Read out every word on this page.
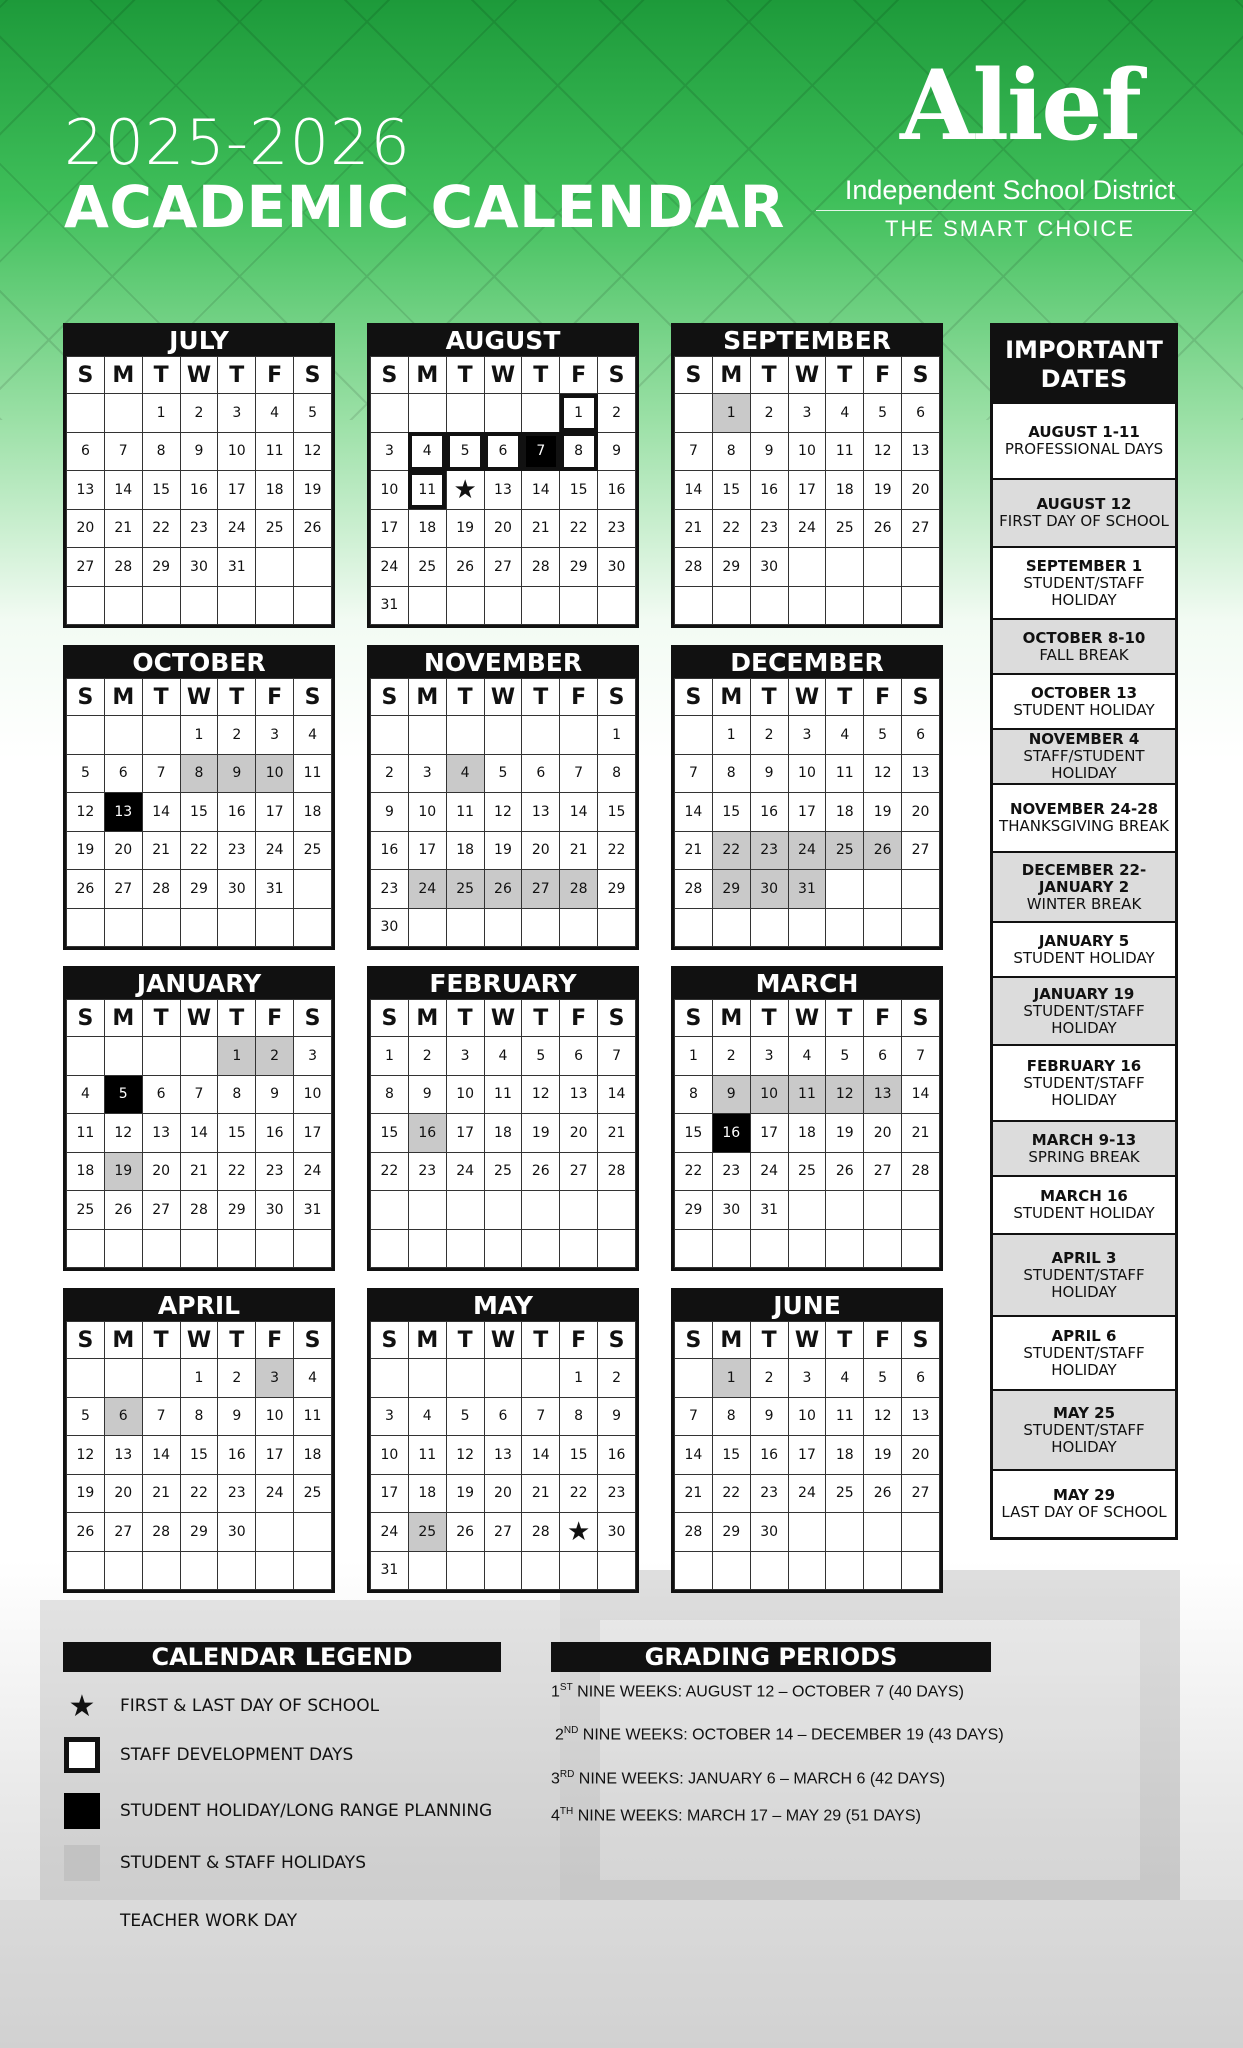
2025-2026
ACADEMIC CALENDAR
Alief
Independent School District
THE SMART CHOICE
JULY
S	M	T	W	T	F	S
		1	2	3	4	5
6	7	8	9	10	11	12
13	14	15	16	17	18	19
20	21	22	23	24	25	26
27	28	29	30	31		

AUGUST
S	M	T	W	T	F	S
					1	2
3	4	5	6	7	8	9
10	11	★	13	14	15	16
17	18	19	20	21	22	23
24	25	26	27	28	29	30
31						
SEPTEMBER
S	M	T	W	T	F	S
	1	2	3	4	5	6
7	8	9	10	11	12	13
14	15	16	17	18	19	20
21	22	23	24	25	26	27
28	29	30				

OCTOBER
S	M	T	W	T	F	S
			1	2	3	4
5	6	7	8	9	10	11
12	13	14	15	16	17	18
19	20	21	22	23	24	25
26	27	28	29	30	31	

NOVEMBER
S	M	T	W	T	F	S
						1
2	3	4	5	6	7	8
9	10	11	12	13	14	15
16	17	18	19	20	21	22
23	24	25	26	27	28	29
30						
DECEMBER
S	M	T	W	T	F	S
	1	2	3	4	5	6
7	8	9	10	11	12	13
14	15	16	17	18	19	20
21	22	23	24	25	26	27
28	29	30	31			

JANUARY
S	M	T	W	T	F	S
				1	2	3
4	5	6	7	8	9	10
11	12	13	14	15	16	17
18	19	20	21	22	23	24
25	26	27	28	29	30	31

FEBRUARY
S	M	T	W	T	F	S
1	2	3	4	5	6	7
8	9	10	11	12	13	14
15	16	17	18	19	20	21
22	23	24	25	26	27	28

MARCH
S	M	T	W	T	F	S
1	2	3	4	5	6	7
8	9	10	11	12	13	14
15	16	17	18	19	20	21
22	23	24	25	26	27	28
29	30	31				

APRIL
S	M	T	W	T	F	S
			1	2	3	4
5	6	7	8	9	10	11
12	13	14	15	16	17	18
19	20	21	22	23	24	25
26	27	28	29	30		

MAY
S	M	T	W	T	F	S
					1	2
3	4	5	6	7	8	9
10	11	12	13	14	15	16
17	18	19	20	21	22	23
24	25	26	27	28	★	30
31						
JUNE
S	M	T	W	T	F	S
	1	2	3	4	5	6
7	8	9	10	11	12	13
14	15	16	17	18	19	20
21	22	23	24	25	26	27
28	29	30				

IMPORTANT DATES
AUGUST 1-11
PROFESSIONAL DAYS
AUGUST 12
FIRST DAY OF SCHOOL
SEPTEMBER 1
STUDENT/STAFF HOLIDAY
OCTOBER 8-10
FALL BREAK
OCTOBER 13
STUDENT HOLIDAY
NOVEMBER 4
STAFF/STUDENT HOLIDAY
NOVEMBER 24-28
THANKSGIVING BREAK
DECEMBER 22- JANUARY 2
WINTER BREAK
JANUARY 5
STUDENT HOLIDAY
JANUARY 19
STUDENT/STAFF HOLIDAY
FEBRUARY 16
STUDENT/STAFF HOLIDAY
MARCH 9-13
SPRING BREAK
MARCH 16
STUDENT HOLIDAY
APRIL 3
STUDENT/STAFF HOLIDAY
APRIL 6
STUDENT/STAFF HOLIDAY
MAY 25
STUDENT/STAFF HOLIDAY
MAY 29
LAST DAY OF SCHOOL
CALENDAR LEGEND
★ FIRST & LAST DAY OF SCHOOL
STAFF DEVELOPMENT DAYS
STUDENT HOLIDAY/LONG RANGE PLANNING
STUDENT & STAFF HOLIDAYS
TEACHER WORK DAY
GRADING PERIODS
1ST NINE WEEKS: AUGUST 12 – OCTOBER 7 (40 DAYS)
2ND NINE WEEKS: OCTOBER 14 – DECEMBER 19 (43 DAYS)
3RD NINE WEEKS: JANUARY 6 – MARCH 6 (42 DAYS)
4TH NINE WEEKS: MARCH 17 – MAY 29 (51 DAYS)
